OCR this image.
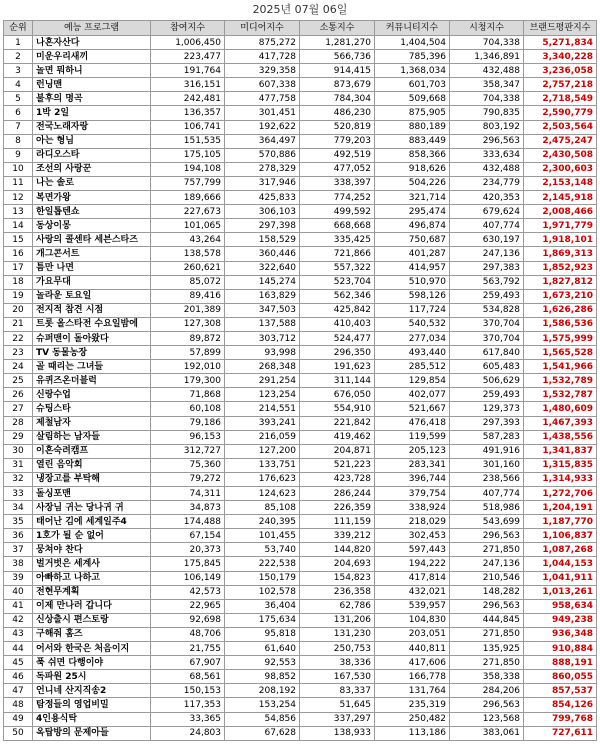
2025년 07월 06일
순위	예능 프로그램	참여지수	미디어지수	소통지수	커뮤니티지수	시청지수	브랜드평판지수
1	나혼자산다	1,006,450	875,272	1,281,270	1,404,504	704,338	5,271,834
2	미운우리새끼	223,477	417,728	566,736	785,396	1,346,891	3,340,228
3	놀면 뭐하니	191,764	329,358	914,415	1,368,034	432,488	3,236,058
4	런닝맨	316,151	607,338	873,679	601,703	358,347	2,757,218
5	불후의 명곡	242,481	477,758	784,304	509,668	704,338	2,718,549
6	1박 2일	136,357	301,451	486,230	875,905	790,835	2,590,779
7	전국노래자랑	106,741	192,622	520,819	880,189	803,192	2,503,564
8	아는 형님	151,535	364,497	779,203	883,449	296,563	2,475,247
9	라디오스타	175,105	570,886	492,519	858,366	333,634	2,430,508
10	조선의 사랑꾼	194,108	278,329	477,052	918,626	432,488	2,300,603
11	나는 솔로	757,799	317,946	338,397	504,226	234,779	2,153,148
12	복면가왕	189,666	425,833	774,252	321,714	420,353	2,145,918
13	한일톱텐쇼	227,673	306,103	499,592	295,474	679,624	2,008,466
14	동상이몽	101,065	297,398	668,668	496,874	407,774	1,971,779
15	사랑의 콜센타 세븐스타즈	43,264	158,529	335,425	750,687	630,197	1,918,101
16	개그콘서트	138,578	360,446	721,866	401,287	247,136	1,869,313
17	틈만 나면	260,621	322,640	557,322	414,957	297,383	1,852,923
18	가요무대	85,072	145,274	523,704	510,970	563,792	1,827,812
19	놀라운 토요일	89,416	163,829	562,346	598,126	259,493	1,673,210
20	전지적 참견 시점	201,389	347,503	425,842	117,724	534,828	1,626,286
21	트롯 올스타전 수요일밤에	127,308	137,588	410,403	540,532	370,704	1,586,536
22	슈퍼맨이 돌아왔다	89,872	303,712	524,477	277,034	370,704	1,575,999
23	TV 동물농장	57,899	93,998	296,350	493,440	617,840	1,565,528
24	골 때리는 그녀들	192,010	268,348	191,623	285,512	605,483	1,541,966
25	유퀴즈온더블럭	179,300	291,254	311,144	129,854	506,629	1,532,789
26	신랑수업	71,868	123,254	676,050	402,077	259,493	1,532,787
27	슈팅스타	60,108	214,551	554,910	521,667	129,373	1,480,609
28	제철남자	79,186	393,241	221,842	476,418	297,393	1,467,393
29	살림하는 남자들	96,153	216,059	419,462	119,599	587,283	1,438,556
30	이혼숙려캠프	312,727	127,200	204,871	205,123	491,916	1,341,837
31	열린 음악회	75,360	133,751	521,223	283,341	301,160	1,315,835
32	냉장고를 부탁해	79,272	176,623	423,728	396,744	238,566	1,314,933
33	돌싱포맨	74,311	124,623	286,244	379,754	407,774	1,272,706
34	사장님 귀는 당나귀 귀	34,873	85,108	226,359	338,924	518,986	1,204,191
35	태어난 김에 세계일주4	174,488	240,395	111,159	218,029	543,699	1,187,770
36	1호가 될 순 없어	67,154	101,455	339,212	302,453	296,563	1,106,837
37	뭉쳐야 찬다	20,373	53,740	144,820	597,443	271,850	1,087,268
38	벌거벗은 세계사	175,845	222,538	204,693	194,222	247,136	1,044,153
39	아빠하고 나하고	106,149	150,179	154,823	417,814	210,546	1,041,911
40	전현무계획	42,573	102,578	236,358	432,021	148,282	1,013,261
41	이제 만나러 갑니다	22,965	36,404	62,786	539,957	296,563	958,634
42	신상출시 편스토랑	92,698	175,634	131,206	104,830	444,845	949,238
43	구해줘 홈즈	48,706	95,818	131,230	203,051	271,850	936,348
44	어서와 한국은 처음이지	21,755	61,640	250,753	440,811	135,925	910,884
45	푹 쉬면 다행이야	67,907	92,553	38,336	417,606	271,850	888,191
46	독파원 25시	68,561	98,852	167,530	166,778	358,338	860,055
47	언니네 산지직송2	150,153	208,192	83,337	131,764	284,206	857,537
48	탐정들의 영업비밀	117,353	153,254	51,645	235,319	296,563	854,126
49	4인용식탁	33,365	54,856	337,297	250,482	123,568	799,768
50	옥탑방의 문제아들	24,803	67,628	138,933	113,186	383,061	727,611
